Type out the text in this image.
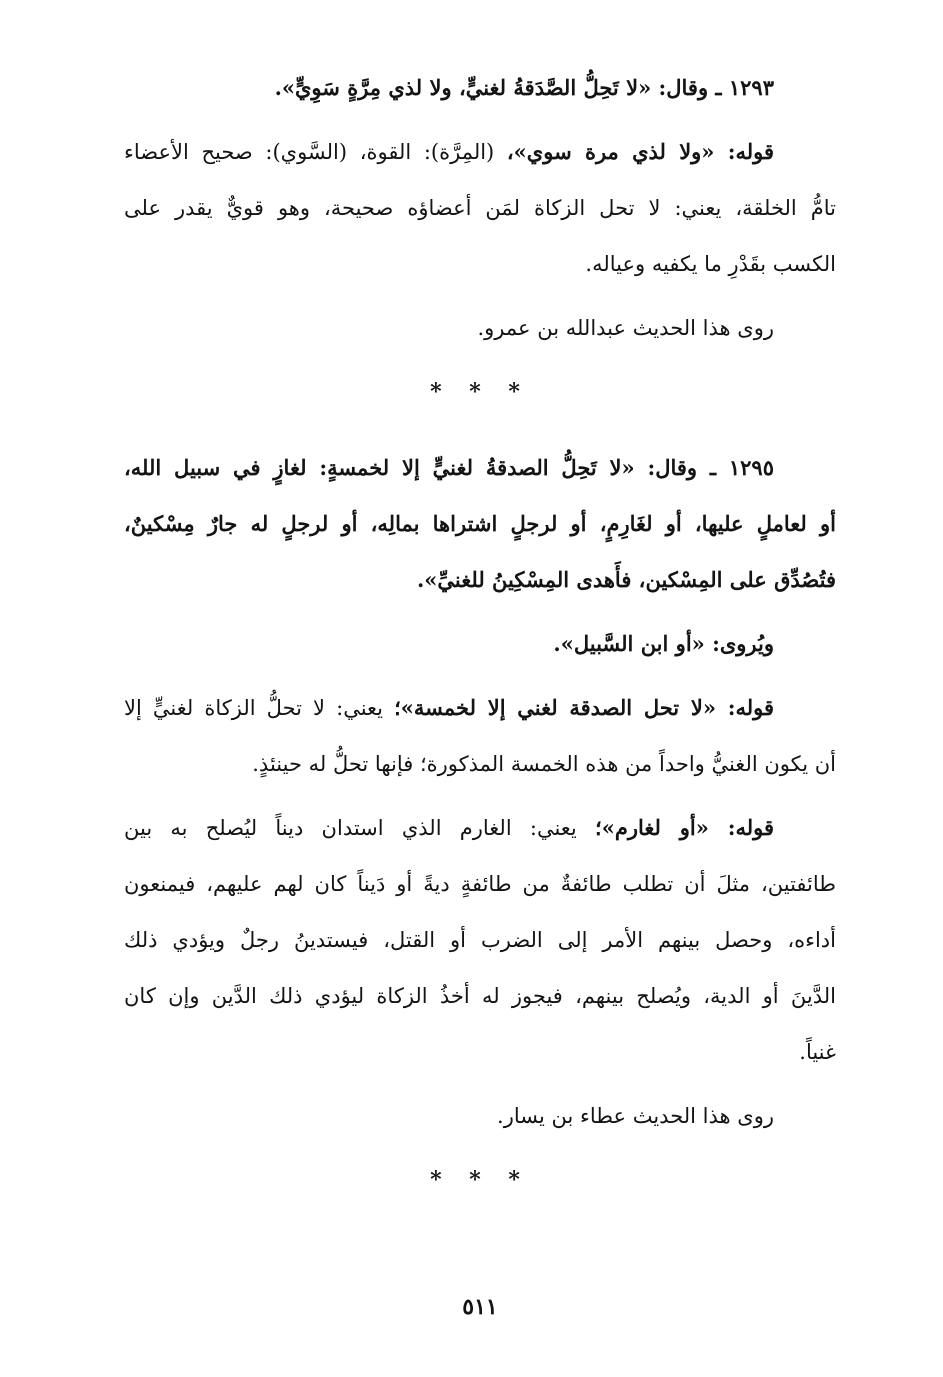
١٢٩٣ ـ وقال: «لا تَحِلُّ الصَّدَقةُ لغنيٍّ، ولا لذي مِرَّةٍ سَوِيٍّ».
قوله: «ولا لذي مرة سوي»، (المِرَّة): القوة، (السَّوي): صحيح الأعضاء
تامُّ الخلقة، يعني: لا تحل الزكاة لمَن أعضاؤه صحيحة، وهو قويٌّ يقدر على
الكسب بقَدْرِ ما يكفيه وعياله.
روى هذا الحديث عبدالله بن عمرو.
* * *
١٢٩٥ ـ وقال: «لا تَحِلُّ الصدقةُ لغنيٍّ إلا لخمسةٍ: لغازٍ في سبيل الله،
أو لعاملٍ عليها، أو لغَارِمٍ، أو لرجلٍ اشتراها بمالِه، أو لرجلٍ له جارٌ مِسْكينٌ،
فتُصُدِّق على المِسْكين، فأَهدى المِسْكِينُ للغنيِّ».
ويُروى: «أو ابن السَّبيل».
قوله: «لا تحل الصدقة لغني إلا لخمسة»؛ يعني: لا تحلُّ الزكاة لغنيٍّ إلا
أن يكون الغنيُّ واحداً من هذه الخمسة المذكورة؛ فإنها تحلُّ له حينئذٍ.
قوله: «أو لغارم»؛ يعني: الغارم الذي استدان ديناً ليُصلح به بين
طائفتين، مثلَ أن تطلب طائفةٌ من طائفةٍ ديةً أو دَيناً كان لهم عليهم، فيمنعون
أداءه، وحصل بينهم الأمر إلى الضرب أو القتل، فيستدينُ رجلٌ ويؤدي ذلك
الدَّينَ أو الدية، ويُصلح بينهم، فيجوز له أخذُ الزكاة ليؤدي ذلك الدَّين وإن كان
غنياً.
روى هذا الحديث عطاء بن يسار.
* * *
٥١١
